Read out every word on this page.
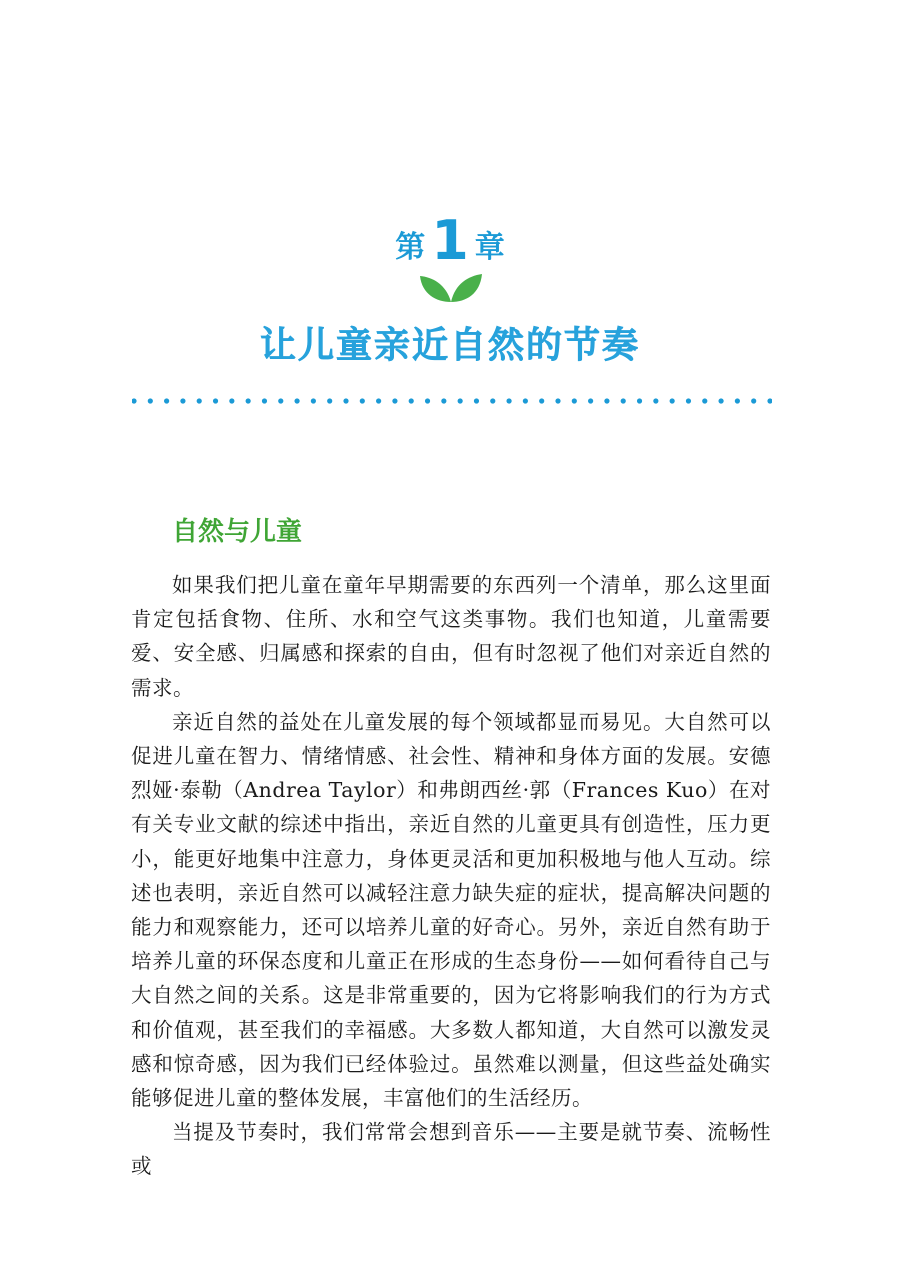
第 1 章
让儿童亲近自然的节奏
自然与儿童

如果我们把儿童在童年早期需要的东西列一个清单，那么这里面肯定包括食物、住所、水和空气这类事物。我们也知道，儿童需要爱、安全感、归属感和探索的自由，但有时忽视了他们对亲近自然的需求。

亲近自然的益处在儿童发展的每个领域都显而易见。大自然可以促进儿童在智力、情绪情感、社会性、精神和身体方面的发展。安德烈娅·泰勒（Andrea Taylor）和弗朗西丝·郭（Frances Kuo）在对有关专业文献的综述中指出，亲近自然的儿童更具有创造性，压力更小，能更好地集中注意力，身体更灵活和更加积极地与他人互动。综述也表明，亲近自然可以减轻注意力缺失症的症状，提高解决问题的能力和观察能力，还可以培养儿童的好奇心。另外，亲近自然有助于培养儿童的环保态度和儿童正在形成的生态身份——如何看待自己与大自然之间的关系。这是非常重要的，因为它将影响我们的行为方式和价值观，甚至我们的幸福感。大多数人都知道，大自然可以激发灵感和惊奇感，因为我们已经体验过。虽然难以测量，但这些益处确实能够促进儿童的整体发展，丰富他们的生活经历。

当提及节奏时，我们常常会想到音乐——主要是就节奏、流畅性或
